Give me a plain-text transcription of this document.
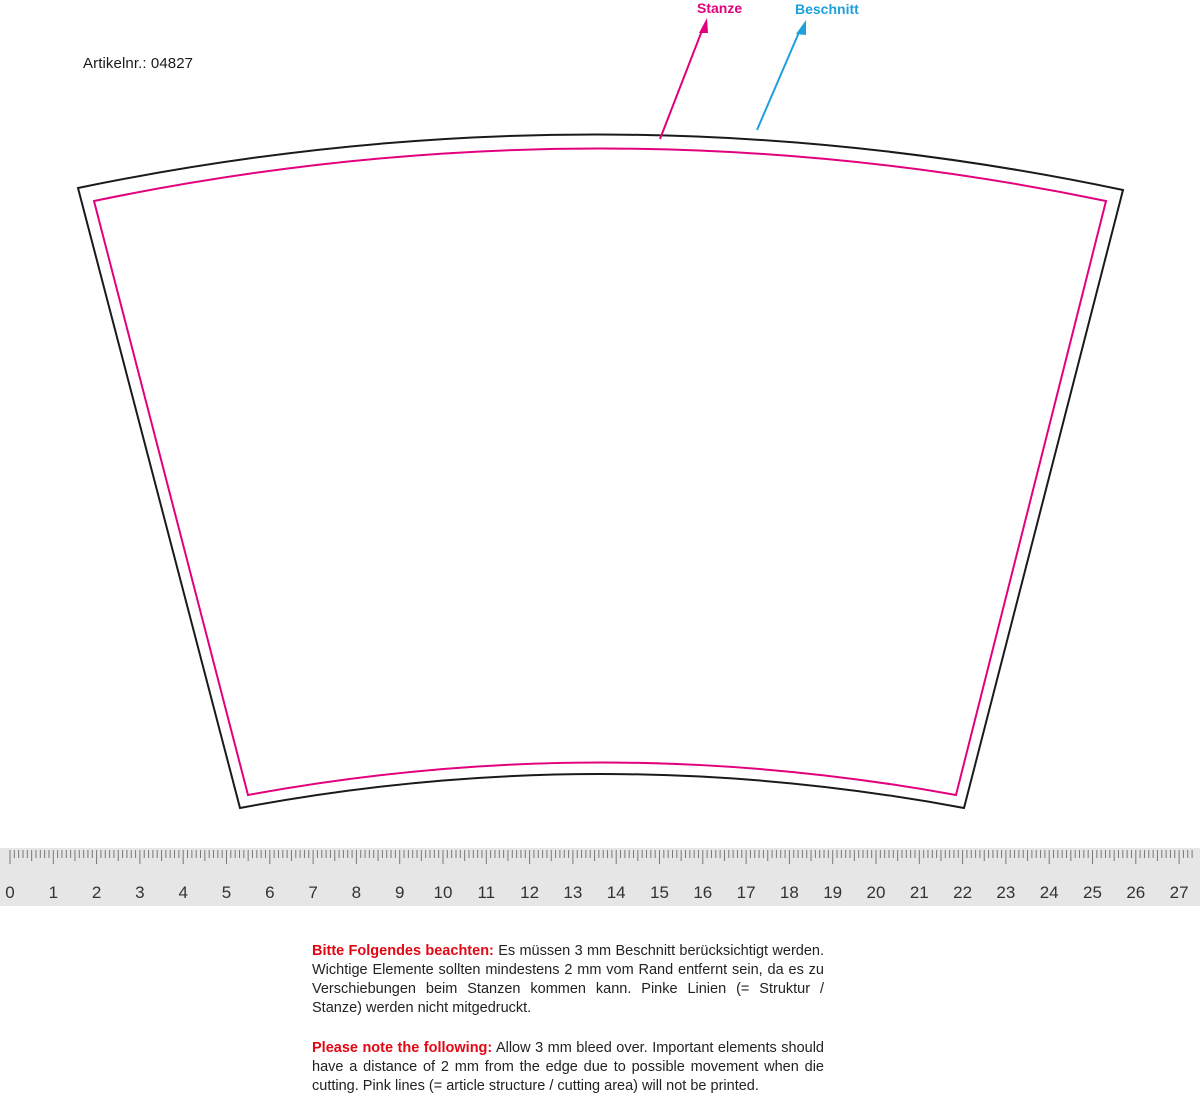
Artikelnr.: 04827
Stanze	Beschnitt
0 1 2 3 4 5 6 7 8 9 10 11 12 13 14 15 16 17 18 19 20 21 22 23 24 25 26 27
Bitte Folgendes beachten: Es müssen 3 mm Beschnitt berücksichtigt werden. Wichtige Elemente sollten mindestens 2 mm vom Rand entfernt sein, da es zu Verschiebungen beim Stanzen kommen kann. Pinke Linien (= Struktur / Stanze) werden nicht mitgedruckt.
Please note the following: Allow 3 mm bleed over. Important elements should have a distance of 2 mm from the edge due to possible movement when die cutting. Pink lines (= article structure / cutting area) will not be printed.
